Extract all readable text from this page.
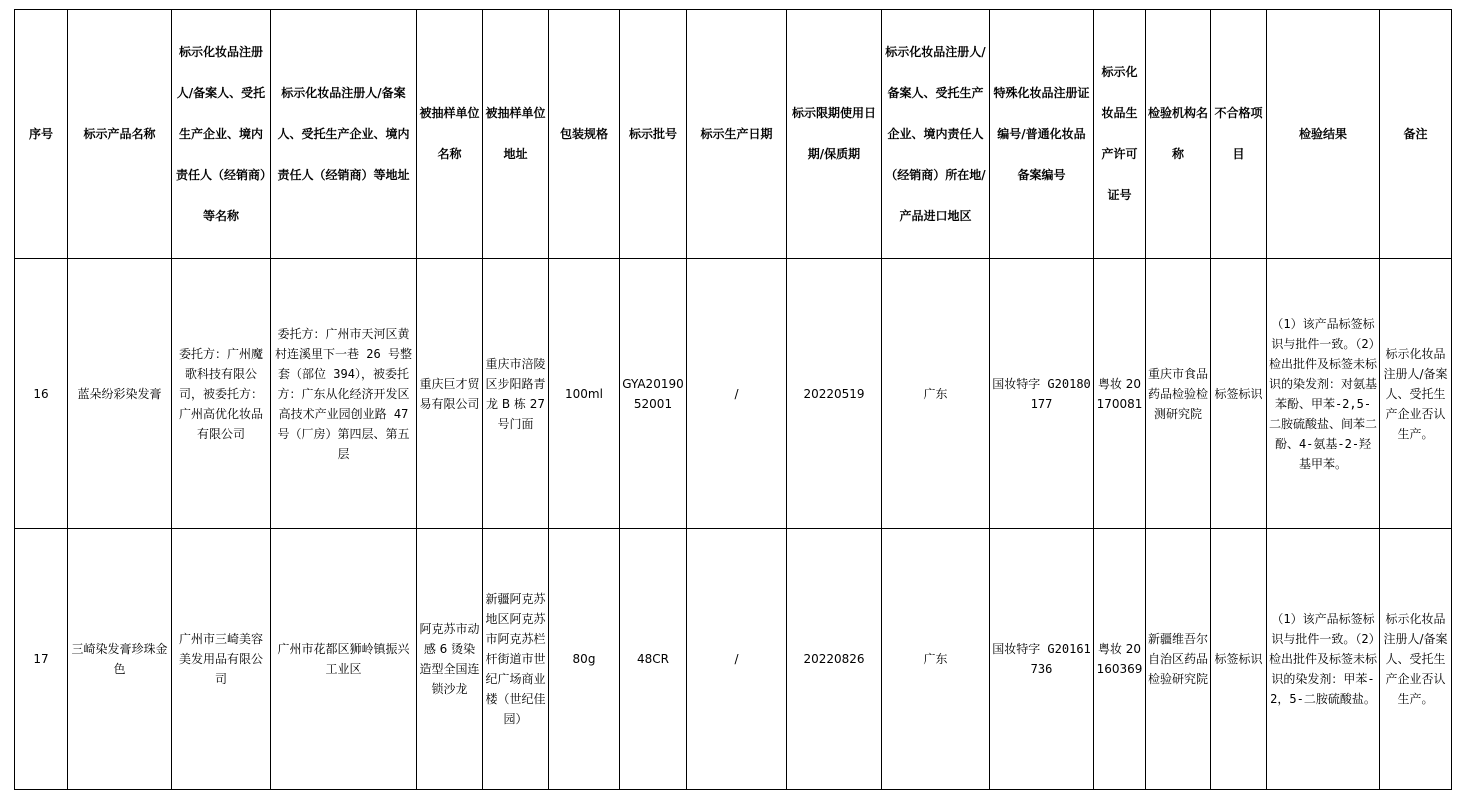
序号	标示产品名称	标示化妆品注册人/备案人、受托生产企业、境内责任人（经销商）等名称	标示化妆品注册人/备案人、受托生产企业、境内责任人（经销商）等地址	被抽样单位名称	被抽样单位地址	包装规格	标示批号	标示生产日期	标示限期使用日期/保质期	标示化妆品注册人/备案人、受托生产企业、境内责任人（经销商）所在地/产品进口地区	特殊化妆品注册证编号/普通化妆品备案编号	标示化妆品生产许可证号	检验机构名称	不合格项目	检验结果	备注
16	蓝朵纷彩染发膏	委托方：广州魔歌科技有限公司，被委托方：广州高优化妆品有限公司	委托方：广州市天河区黄村连溪里下一巷 26 号整套（部位 394），被委托方：广东从化经济开发区高技术产业园创业路 47 号（厂房）第四层、第五层	重庆巨才贸易有限公司	重庆市涪陵区步阳路青龙 B 栋 27 号门面	100ml	GYA2019052001	/	20220519	广东	国妆特字 G20180177	粤妆 20170081	重庆市食品药品检验检测研究院	标签标识	（1）该产品标签标识与批件一致。（2）检出批件及标签未标识的染发剂：对氨基苯酚、甲苯-2,5-二胺硫酸盐、间苯二酚、4-氨基-2-羟基甲苯。	标示化妆品注册人/备案人、受托生产企业否认生产。
17	三崎染发膏珍珠金色	广州市三崎美容美发用品有限公司	广州市花都区狮岭镇振兴工业区	阿克苏市动感 6 烫染造型全国连锁沙龙	新疆阿克苏地区阿克苏市阿克苏栏杆街道市世纪广场商业楼（世纪佳园）	80g	48CR	/	20220826	广东	国妆特字 G20161736	粤妆 20160369	新疆维吾尔自治区药品检验研究院	标签标识	（1）该产品标签标识与批件一致。（2）检出批件及标签未标识的染发剂：甲苯-2，5-二胺硫酸盐。	标示化妆品注册人/备案人、受托生产企业否认生产。
